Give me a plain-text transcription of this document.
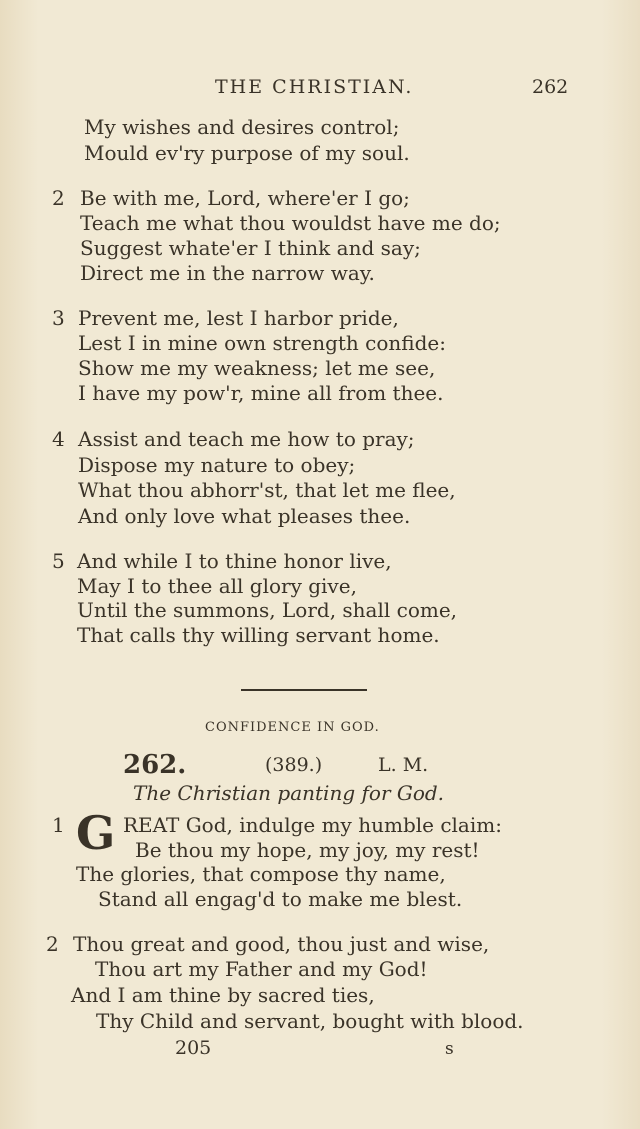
THE CHRISTIAN.	262
My wishes and desires control;
Mould ev'ry purpose of my soul.
2 Be with me, Lord, where'er I go;
Teach me what thou wouldst have me do;
Suggest whate'er I think and say;
Direct me in the narrow way.
3 Prevent me, lest I harbor pride,
Lest I in mine own strength confide:
Show me my weakness; let me see,
I have my pow'r, mine all from thee.
4 Assist and teach me how to pray;
Dispose my nature to obey;
What thou abhorr'st, that let me flee,
And only love what pleases thee.
5 And while I to thine honor live,
May I to thee all glory give,
Until the summons, Lord, shall come,
That calls thy willing servant home.
CONFIDENCE IN GOD.
262.	(389.)	L. M.
The Christian panting for God.
1 G REAT God, indulge my humble claim:
Be thou my hope, my joy, my rest!
The glories, that compose thy name,
Stand all engag'd to make me blest.
2 Thou great and good, thou just and wise,
Thou art my Father and my God!
And I am thine by sacred ties,
Thy Child and servant, bought with blood.
205	s
